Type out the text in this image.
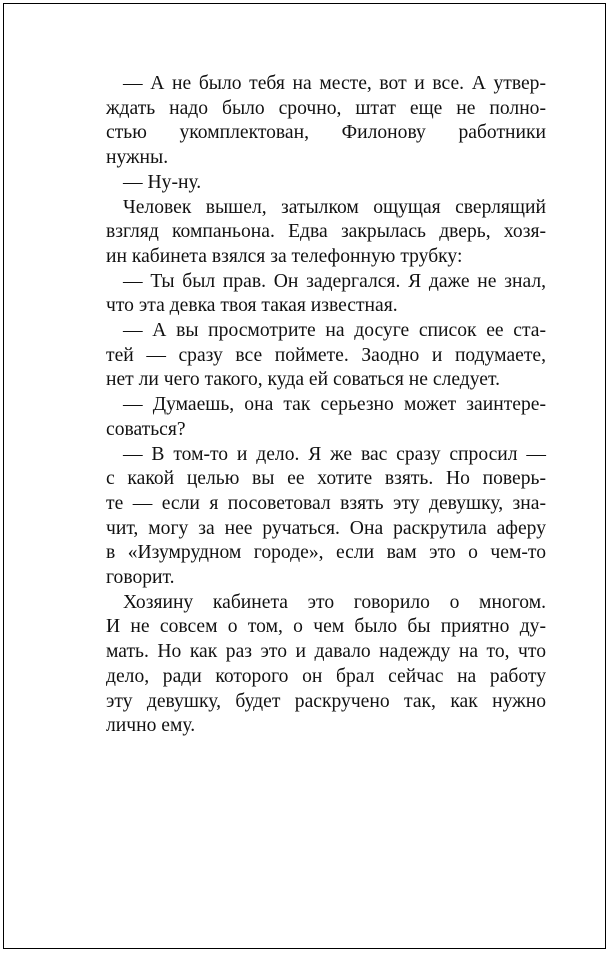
— А не было тебя на месте, вот и все. А утвер-
ждать надо было срочно, штат еще не полно-
стью укомплектован, Филонову работники
нужны.
— Ну-ну.
Человек вышел, затылком ощущая сверлящий
взгляд компаньона. Едва закрылась дверь, хозя-
ин кабинета взялся за телефонную трубку:
— Ты был прав. Он задергался. Я даже не знал,
что эта девка твоя такая известная.
— А вы просмотрите на досуге список ее ста-
тей — сразу все поймете. Заодно и подумаете,
нет ли чего такого, куда ей соваться не следует.
— Думаешь, она так серьезно может заинтере-
соваться?
— В том-то и дело. Я же вас сразу спросил —
с какой целью вы ее хотите взять. Но поверь-
те — если я посоветовал взять эту девушку, зна-
чит, могу за нее ручаться. Она раскрутила аферу
в «Изумрудном городе», если вам это о чем-то
говорит.
Хозяину кабинета это говорило о многом.
И не совсем о том, о чем было бы приятно ду-
мать. Но как раз это и давало надежду на то, что
дело, ради которого он брал сейчас на работу
эту девушку, будет раскручено так, как нужно
лично ему.
